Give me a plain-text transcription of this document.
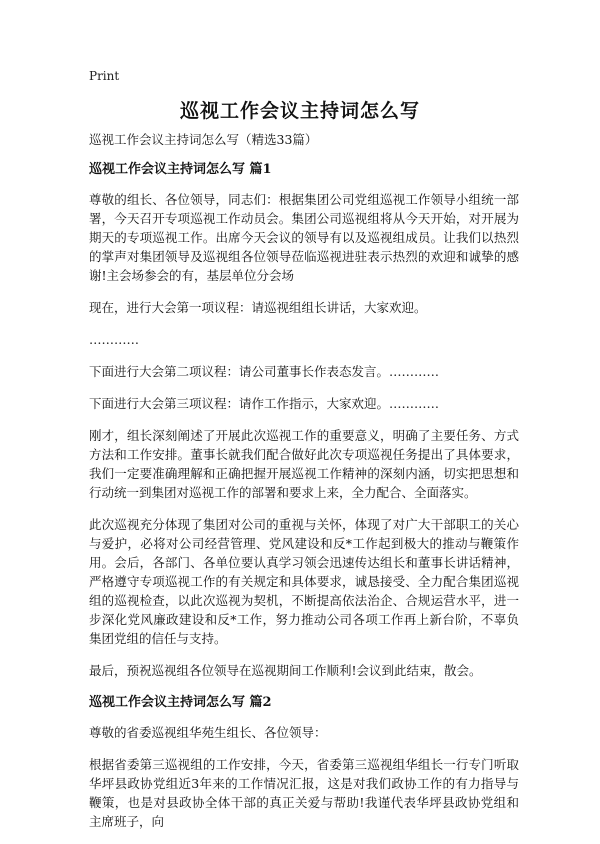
Print
巡视工作会议主持词怎么写

巡视工作会议主持词怎么写（精选33篇）

巡视工作会议主持词怎么写 篇1

尊敬的组长、各位领导，同志们：根据集团公司党组巡视工作领导小组统一部署，今天召开专项巡视工作动员会。集团公司巡视组将从今天开始，对开展为期天的专项巡视工作。出席今天会议的领导有以及巡视组成员。让我们以热烈的掌声对集团领导及巡视组各位领导莅临巡视进驻表示热烈的欢迎和诚挚的感谢!主会场参会的有，基层单位分会场

现在，进行大会第一项议程：请巡视组组长讲话，大家欢迎。

…………

下面进行大会第二项议程：请公司董事长作表态发言。…………

下面进行大会第三项议程：请作工作指示，大家欢迎。…………

刚才，组长深刻阐述了开展此次巡视工作的重要意义，明确了主要任务、方式方法和工作安排。董事长就我们配合做好此次专项巡视任务提出了具体要求，我们一定要准确理解和正确把握开展巡视工作精神的深刻内涵，切实把思想和行动统一到集团对巡视工作的部署和要求上来，全力配合、全面落实。

此次巡视充分体现了集团对公司的重视与关怀，体现了对广大干部职工的关心与爱护，必将对公司经营管理、党风建设和反*工作起到极大的推动与鞭策作用。会后，各部门、各单位要认真学习领会迅速传达组长和董事长讲话精神，严格遵守专项巡视工作的有关规定和具体要求，诚恳接受、全力配合集团巡视组的巡视检查，以此次巡视为契机，不断提高依法治企、合规运营水平，进一步深化党风廉政建设和反*工作，努力推动公司各项工作再上新台阶，不辜负集团党组的信任与支持。

最后，预祝巡视组各位领导在巡视期间工作顺利!会议到此结束，散会。

巡视工作会议主持词怎么写 篇2

尊敬的省委巡视组华苑生组长、各位领导：

根据省委第三巡视组的工作安排，今天，省委第三巡视组华组长一行专门听取华坪县政协党组近3年来的工作情况汇报，这是对我们政协工作的有力指导与鞭策，也是对县政协全体干部的真正关爱与帮助!我谨代表华坪县政协党组和主席班子，向
